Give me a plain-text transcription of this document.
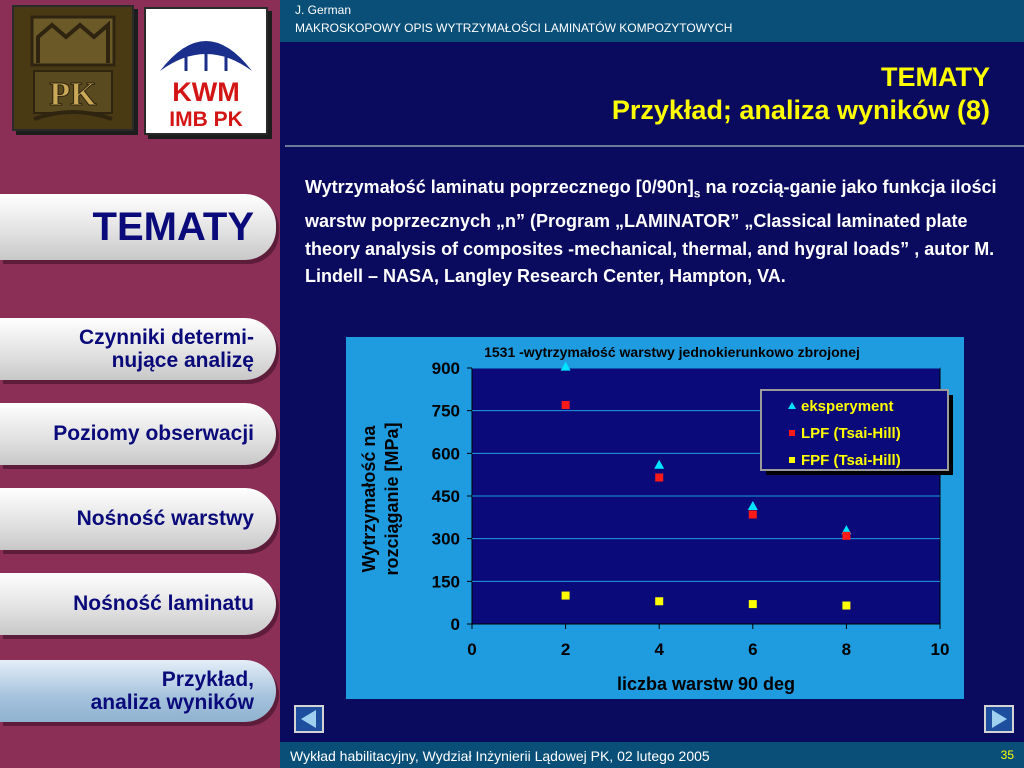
PK	KWM
IMB PK
TEMATY
Czynniki determi-
nujące analizę
Poziomy obserwacji
Nośność warstwy
Nośność laminatu
Przykład,
analiza wyników
J. German
MAKROSKOPOWY OPIS WYTRZYMAŁOŚCI LAMINATÓW KOMPOZYTOWYCH
TEMATY
Przykład; analiza wyników (8)
Wytrzymałość laminatu poprzecznego $[0/90n]_s$ na rozcią-ganie jako funkcja ilości warstw poprzecznych „n” (Program „LAMINATOR” „Classical laminated plate theory analysis of composites -mechanical, thermal, and hygral loads” , autor M. Lindell – NASA, Langley Research Center, Hampton, VA.
0	2	4	6	8	10
0
150
300
450
600
750
900
1531 -wytrzymałość warstwy jednokierunkowo zbrojonej
liczba warstw 90 deg
Wytrzymałość na rozciąganie [MPa]
eksperyment
LPF (Tsai-Hill)
FPF (Tsai-Hill)
Wykład habilitacyjny, Wydział Inżynierii Lądowej PK, 02 lutego 2005	35
